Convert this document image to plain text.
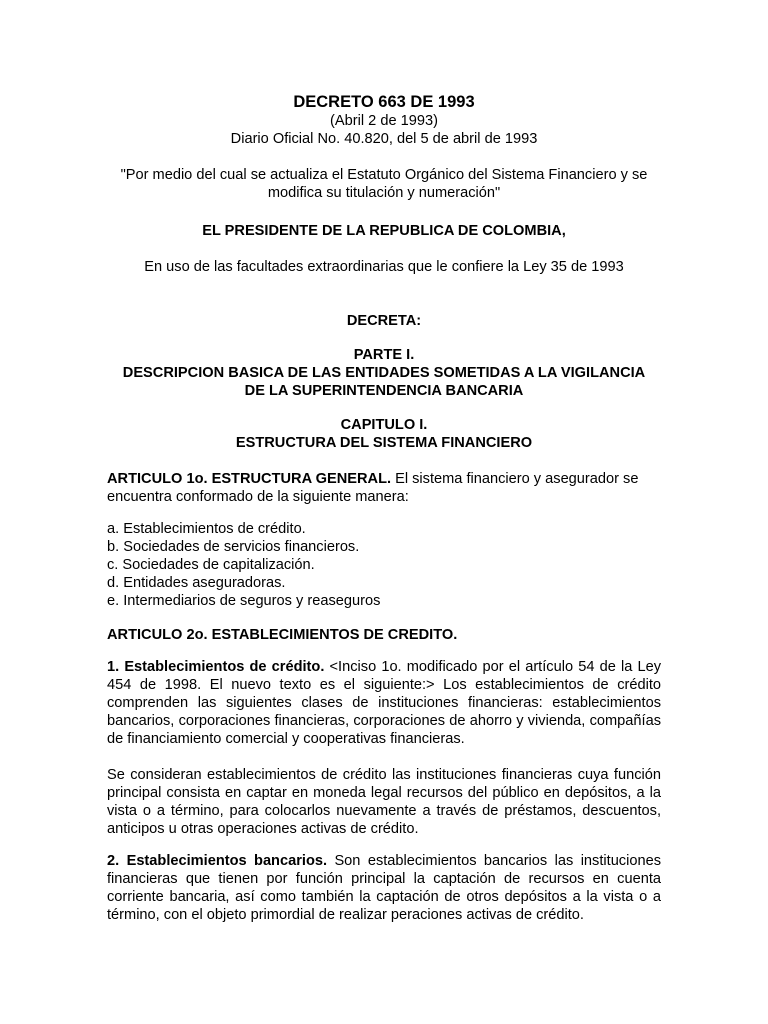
DECRETO 663 DE 1993
(Abril 2 de 1993)
Diario Oficial No. 40.820, del 5 de abril de 1993
"Por medio del cual se actualiza el Estatuto Orgánico del Sistema Financiero y se
modifica su titulación y numeración"
EL PRESIDENTE DE LA REPUBLICA DE COLOMBIA,
En uso de las facultades extraordinarias que le confiere la Ley 35 de 1993
DECRETA:
PARTE I.
DESCRIPCION BASICA DE LAS ENTIDADES SOMETIDAS A LA VIGILANCIA
DE LA SUPERINTENDENCIA BANCARIA
CAPITULO I.
ESTRUCTURA DEL SISTEMA FINANCIERO
ARTICULO 1o. ESTRUCTURA GENERAL. El sistema financiero y asegurador se encuentra conformado de la siguiente manera:
a. Establecimientos de crédito.
b. Sociedades de servicios financieros.
c. Sociedades de capitalización.
d. Entidades aseguradoras.
e. Intermediarios de seguros y reaseguros
ARTICULO 2o. ESTABLECIMIENTOS DE CREDITO.
1. Establecimientos de crédito. <Inciso 1o. modificado por el artículo 54 de la Ley 454 de 1998. El nuevo texto es el siguiente:> Los establecimientos de crédito comprenden las siguientes clases de instituciones financieras: establecimientos bancarios, corporaciones financieras, corporaciones de ahorro y vivienda, compañías de financiamiento comercial y cooperativas financieras.
Se consideran establecimientos de crédito las instituciones financieras cuya función principal consista en captar en moneda legal recursos del público en depósitos, a la vista o a término, para colocarlos nuevamente a través de préstamos, descuentos, anticipos u otras operaciones activas de crédito.
2. Establecimientos bancarios. Son establecimientos bancarios las instituciones financieras que tienen por función principal la captación de recursos en cuenta corriente bancaria, así como también la captación de otros depósitos a la vista o a término, con el objeto primordial de realizar peraciones activas de crédito.
